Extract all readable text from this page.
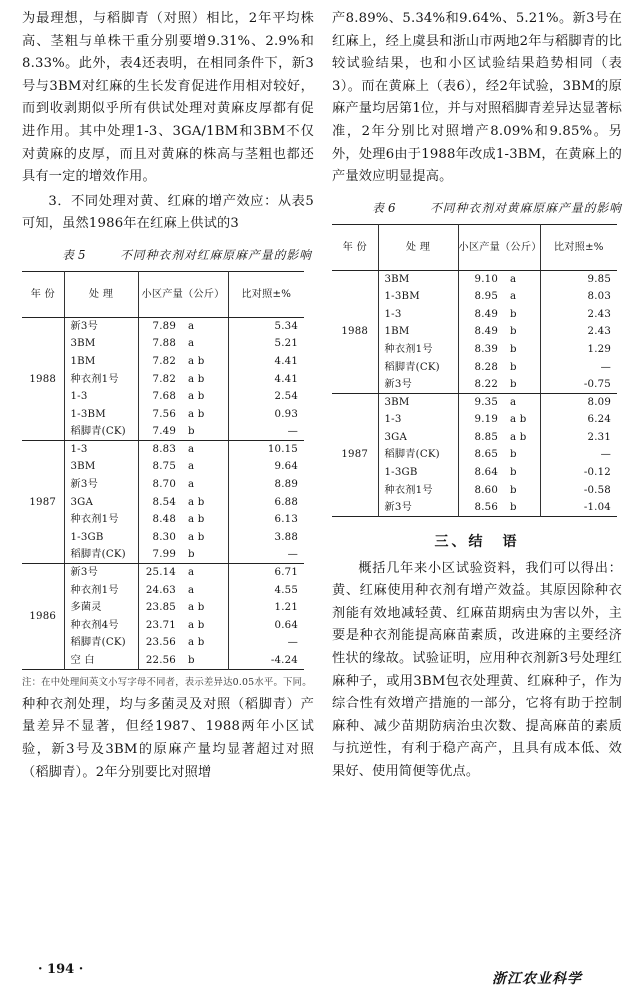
为最理想，与稻脚青（对照）相比，2年平均株高、茎粗与单株干重分别要增9.31%、2.9%和8.33%。此外，表4还表明，在相同条件下，新3号与3BM对红麻的生长发育促进作用相对较好，而到收剥期似乎所有供试处理对黄麻皮厚都有促进作用。其中处理1-3、3GA/1BM和3BM不仅对黄麻的皮厚，而且对黄麻的株高与茎粗也都还具有一定的增效作用。

3．不同处理对黄、红麻的增产效应：从表5可知，虽然1986年在红麻上供试的3

表 5	不同种衣剂对红麻原麻产量的影响
年 份	处 理	小区产量（公斤）		比对照±%
1988	新3号	7.89	a	5.34
	3BM	7.88	a	5.21
	1BM	7.82	a b	4.41
	种衣剂1号	7.82	a b	4.41
	1-3	7.68	a b	2.54
	1-3BM	7.56	a b	0.93
	稻脚青(CK)	7.49	b	—
1987	1-3	8.83	a	10.15
	3BM	8.75	a	9.64
	新3号	8.70	a	8.89
	3GA	8.54	a b	6.88
	种衣剂1号	8.48	a b	6.13
	1-3GB	8.30	a b	3.88
	稻脚青(CK)	7.99	b	—
1986	新3号	25.14	a	6.71
	种衣剂1号	24.63	a	4.55
	多菌灵	23.85	a b	1.21
	种衣剂4号	23.71	a b	0.64
	稻脚青(CK)	23.56	a b	—
	空 白	22.56	b	-4.24
注：在中处理间英文小写字母不同者，表示差异达0.05水平。下同。

种种衣剂处理，均与多菌灵及对照（稻脚青）产量差异不显著，但经1987、1988两年小区试验，新3号及3BM的原麻产量均显著超过对照（稻脚青）。2年分别要比对照增

产8.89%、5.34%和9.64%、5.21%。新3号在红麻上，经上虞县和浙山市两地2年与稻脚青的比较试验结果，也和小区试验结果趋势相同（表3）。而在黄麻上（表6），经2年试验，3BM的原麻产量均居第1位，并与对照稻脚青差异达显著标准，2年分别比对照增产8.09%和9.85%。另外，处理6由于1988年改成1-3BM，在黄麻上的产量效应明显提高。

表 6	不同种衣剂对黄麻原麻产量的影响
年 份	处 理	小区产量（公斤）		比对照±%
1988	3BM	9.10	a	9.85
	1-3BM	8.95	a	8.03
	1-3	8.49	b	2.43
	1BM	8.49	b	2.43
	种衣剂1号	8.39	b	1.29
	稻脚青(CK)	8.28	b	—
	新3号	8.22	b	-0.75
1987	3BM	9.35	a	8.09
	1-3	9.19	a b	6.24
	3GA	8.85	a b	2.31
	稻脚青(CK)	8.65	b	—
	1-3GB	8.64	b	-0.12
	种衣剂1号	8.60	b	-0.58
	新3号	8.56	b	-1.04
三、结　语

概括几年来小区试验资料，我们可以得出：黄、红麻使用种衣剂有增产效益。其原因除种衣剂能有效地减轻黄、红麻苗期病虫为害以外，主要是种衣剂能提高麻苗素质，改进麻的主要经济性状的缘故。试验证明，应用种衣剂新3号处理红麻种子，或用3BM包衣处理黄、红麻种子，作为综合性有效增产措施的一部分，它将有助于控制麻种、减少苗期防病治虫次数、提高麻苗的素质与抗逆性，有利于稳产高产，且具有成本低、效果好、使用简便等优点。

· 194 ·
浙江农业科学
